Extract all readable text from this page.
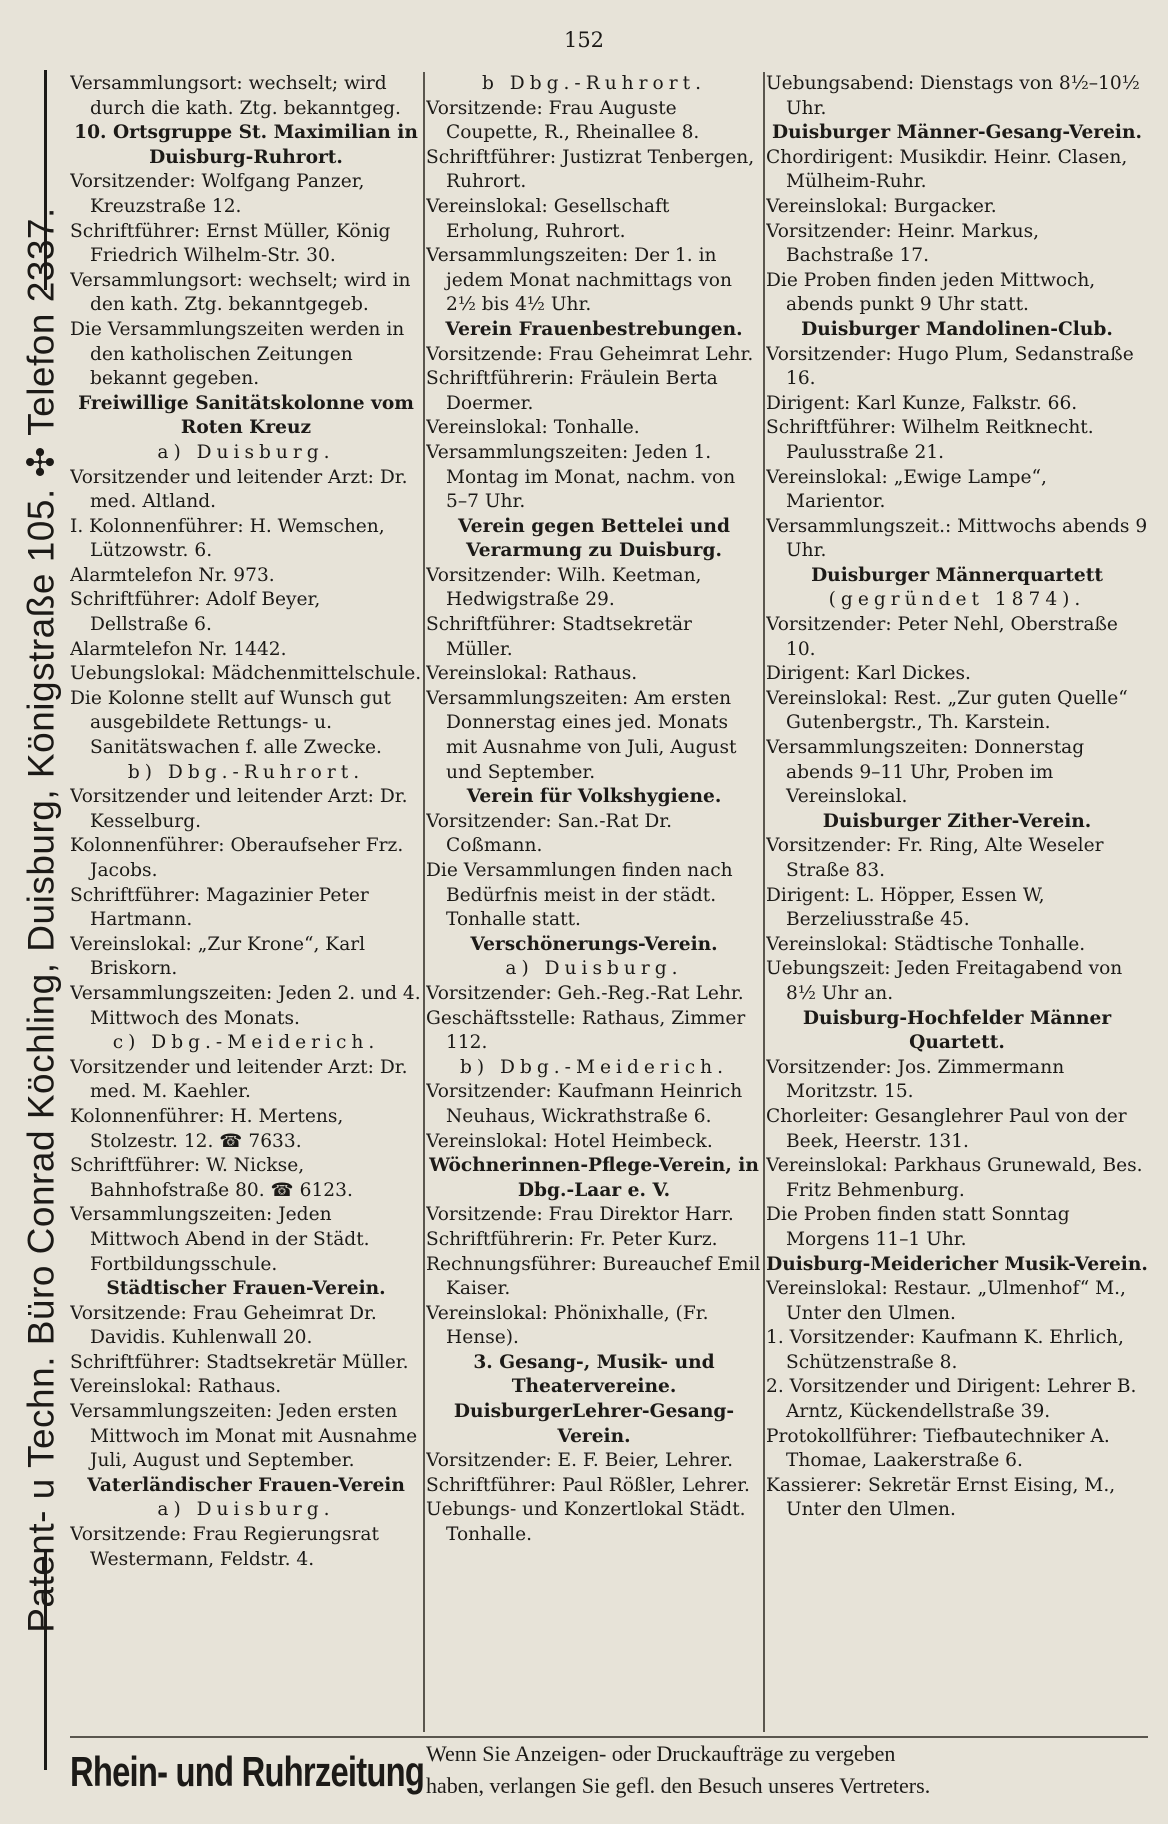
152
Patent- u Techn. Büro Conrad Köchling, Duisburg, Königstraße 105. ✣ Telefon 2337.

Versammlungsort: wechselt; wird durch die kath. Ztg. bekanntgeg.

10. Ortsgruppe St. Maximilian in Duisburg-Ruhrort.

Vorsitzender: Wolfgang Panzer, Kreuzstraße 12.

Schriftführer: Ernst Müller, König Friedrich Wilhelm-Str. 30.

Versammlungsort: wechselt; wird in den kath. Ztg. bekanntgegeb.

Die Versammlungszeiten werden in den katholischen Zeitungen bekannt gegeben.

Freiwillige Sanitätskolonne vom Roten Kreuz

a) Duisburg.

Vorsitzender und leitender Arzt: Dr. med. Altland.

I. Kolonnenführer: H. Wemschen, Lützowstr. 6.

Alarmtelefon Nr. 973.

Schriftführer: Adolf Beyer, Dellstraße 6.

Alarmtelefon Nr. 1442.

Uebungslokal: Mädchenmittelschule.

Die Kolonne stellt auf Wunsch gut ausgebildete Rettungs- u. Sanitätswachen f. alle Zwecke.

b) Dbg.-Ruhrort.

Vorsitzender und leitender Arzt: Dr. Kesselburg.

Kolonnenführer: Oberaufseher Frz. Jacobs.

Schriftführer: Magazinier Peter Hartmann.

Vereinslokal: „Zur Krone“, Karl Briskorn.

Versammlungszeiten: Jeden 2. und 4. Mittwoch des Monats.

c) Dbg.-Meiderich.

Vorsitzender und leitender Arzt: Dr. med. M. Kaehler.

Kolonnenführer: H. Mertens, Stolzestr. 12. ☎ 7633.

Schriftführer: W. Nickse, Bahnhofstraße 80. ☎ 6123.

Versammlungszeiten: Jeden Mittwoch Abend in der Städt. Fortbildungsschule.

Städtischer Frauen-Verein.

Vorsitzende: Frau Geheimrat Dr. Davidis. Kuhlenwall 20.

Schriftführer: Stadtsekretär Müller.

Vereinslokal: Rathaus.

Versammlungszeiten: Jeden ersten Mittwoch im Monat mit Ausnahme Juli, August und September.

Vaterländischer Frauen-Verein

a) Duisburg.

Vorsitzende: Frau Regierungsrat Westermann, Feldstr. 4.

b Dbg.-Ruhrort.

Vorsitzende: Frau Auguste Coupette, R., Rheinallee 8.

Schriftführer: Justizrat Tenbergen, Ruhrort.

Vereinslokal: Gesellschaft Erholung, Ruhrort.

Versammlungszeiten: Der 1. in jedem Monat nachmittags von 2½ bis 4½ Uhr.

Verein Frauenbestrebungen.

Vorsitzende: Frau Geheimrat Lehr.

Schriftführerin: Fräulein Berta Doermer.

Vereinslokal: Tonhalle.

Versammlungszeiten: Jeden 1. Montag im Monat, nachm. von 5–7 Uhr.

Verein gegen Bettelei und Verarmung zu Duisburg.

Vorsitzender: Wilh. Keetman, Hedwigstraße 29.

Schriftführer: Stadtsekretär Müller.

Vereinslokal: Rathaus.

Versammlungszeiten: Am ersten Donnerstag eines jed. Monats mit Ausnahme von Juli, August und September.

Verein für Volkshygiene.

Vorsitzender: San.-Rat Dr. Coßmann.

Die Versammlungen finden nach Bedürfnis meist in der städt. Tonhalle statt.

Verschönerungs-Verein.

a) Duisburg.

Vorsitzender: Geh.-Reg.-Rat Lehr.

Geschäftsstelle: Rathaus, Zimmer 112.

b) Dbg.-Meiderich.

Vorsitzender: Kaufmann Heinrich Neuhaus, Wickrathstraße 6.

Vereinslokal: Hotel Heimbeck.

Wöchnerinnen-Pflege-Verein, in Dbg.-Laar e. V.

Vorsitzende: Frau Direktor Harr.

Schriftführerin: Fr. Peter Kurz.

Rechnungsführer: Bureauchef Emil Kaiser.

Vereinslokal: Phönixhalle, (Fr. Hense).

3. Gesang-, Musik- und Theatervereine.

DuisburgerLehrer-Gesang-Verein.

Vorsitzender: E. F. Beier, Lehrer.

Schriftführer: Paul Rößler, Lehrer.

Uebungs- und Konzertlokal Städt. Tonhalle.

Uebungsabend: Dienstags von 8½–10½ Uhr.

Duisburger Männer-Gesang-Verein.

Chordirigent: Musikdir. Heinr. Clasen, Mülheim-Ruhr.

Vereinslokal: Burgacker.

Vorsitzender: Heinr. Markus, Bachstraße 17.

Die Proben finden jeden Mittwoch, abends punkt 9 Uhr statt.

Duisburger Mandolinen-Club.

Vorsitzender: Hugo Plum, Sedanstraße 16.

Dirigent: Karl Kunze, Falkstr. 66.

Schriftführer: Wilhelm Reitknecht. Paulusstraße 21.

Vereinslokal: „Ewige Lampe“, Marientor.

Versammlungszeit.: Mittwochs abends 9 Uhr.

Duisburger Männerquartett

(gegründet 1874).

Vorsitzender: Peter Nehl, Oberstraße 10.

Dirigent: Karl Dickes.

Vereinslokal: Rest. „Zur guten Quelle“ Gutenbergstr., Th. Karstein.

Versammlungszeiten: Donnerstag abends 9–11 Uhr, Proben im Vereinslokal.

Duisburger Zither-Verein.

Vorsitzender: Fr. Ring, Alte Weseler Straße 83.

Dirigent: L. Höpper, Essen W, Berzeliusstraße 45.

Vereinslokal: Städtische Tonhalle.

Uebungszeit: Jeden Freitagabend von 8½ Uhr an.

Duisburg-Hochfelder Männer Quartett.

Vorsitzender: Jos. Zimmermann Moritzstr. 15.

Chorleiter: Gesanglehrer Paul von der Beek, Heerstr. 131.

Vereinslokal: Parkhaus Grunewald, Bes. Fritz Behmenburg.

Die Proben finden statt Sonntag Morgens 11–1 Uhr.

Duisburg-Meidericher Musik-Verein.

Vereinslokal: Restaur. „Ulmenhof“ M., Unter den Ulmen.

1. Vorsitzender: Kaufmann K. Ehrlich, Schützenstraße 8.

2. Vorsitzender und Dirigent: Lehrer B. Arntz, Kückendellstraße 39.

Protokollführer: Tiefbautechniker A. Thomae, Laakerstraße 6.

Kassierer: Sekretär Ernst Eising, M., Unter den Ulmen.

Rhein- und Ruhrzeitung Wenn Sie Anzeigen- oder Druckaufträge zu vergeben

haben, verlangen Sie gefl. den Besuch unseres Vertreters.
